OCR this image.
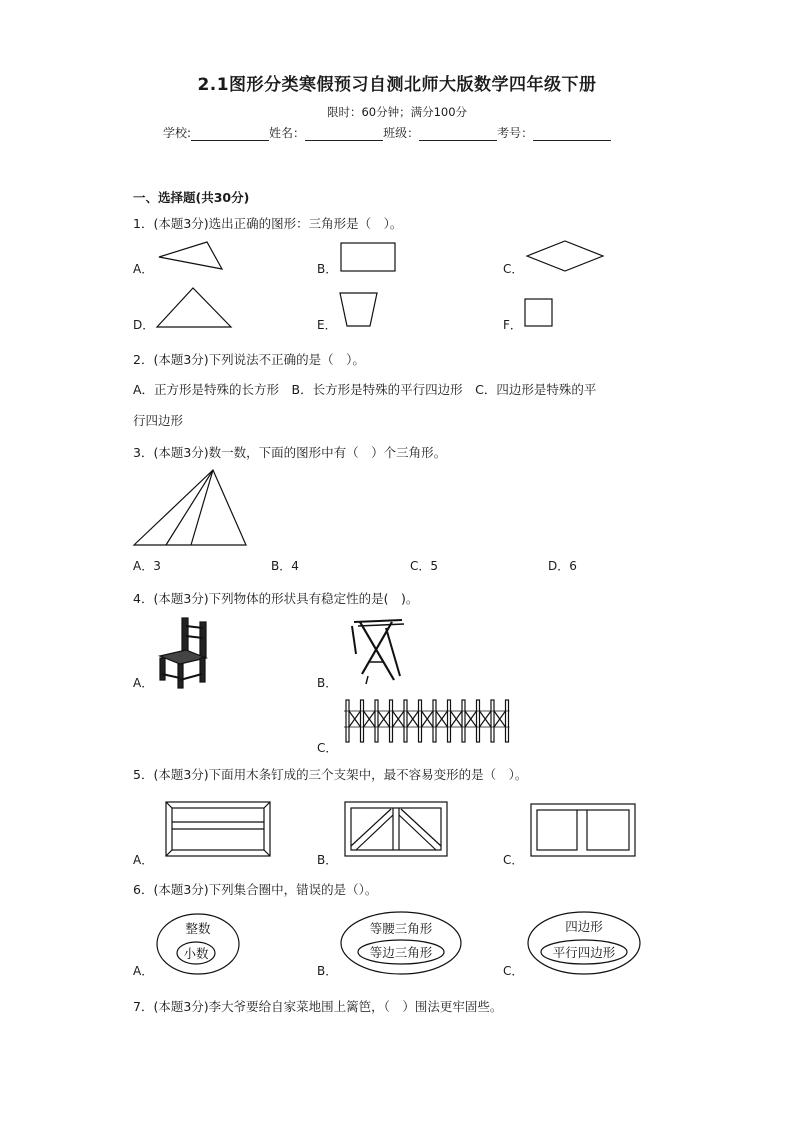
2.1图形分类寒假预习自测北师大版数学四年级下册
限时：60分钟；满分100分
学校:	姓名：	班级：	考号：
一、选择题(共30分)
1．(本题3分)选出正确的图形：三角形是（　）。
A．	B．	C．
D．	E．	F．
2．(本题3分)下列说法不正确的是（　）。
A．正方形是特殊的长方形　B．长方形是特殊的平行四边形　C．四边形是特殊的平
行四边形
3．(本题3分)数一数，下面的图形中有（　）个三角形。
A．3	B．4	C．5	D．6
4．(本题3分)下列物体的形状具有稳定性的是(　)。
A．	B．
C．
5．(本题3分)下面用木条钉成的三个支架中，最不容易变形的是（　）。
A．	B．	C．
6．(本题3分)下列集合圈中，错误的是（）。
A．
整数
小数
B．
等腰三角形
等边三角形
C．
四边形
平行四边形
7．(本题3分)李大爷要给自家菜地围上篱笆，（　）围法更牢固些。
